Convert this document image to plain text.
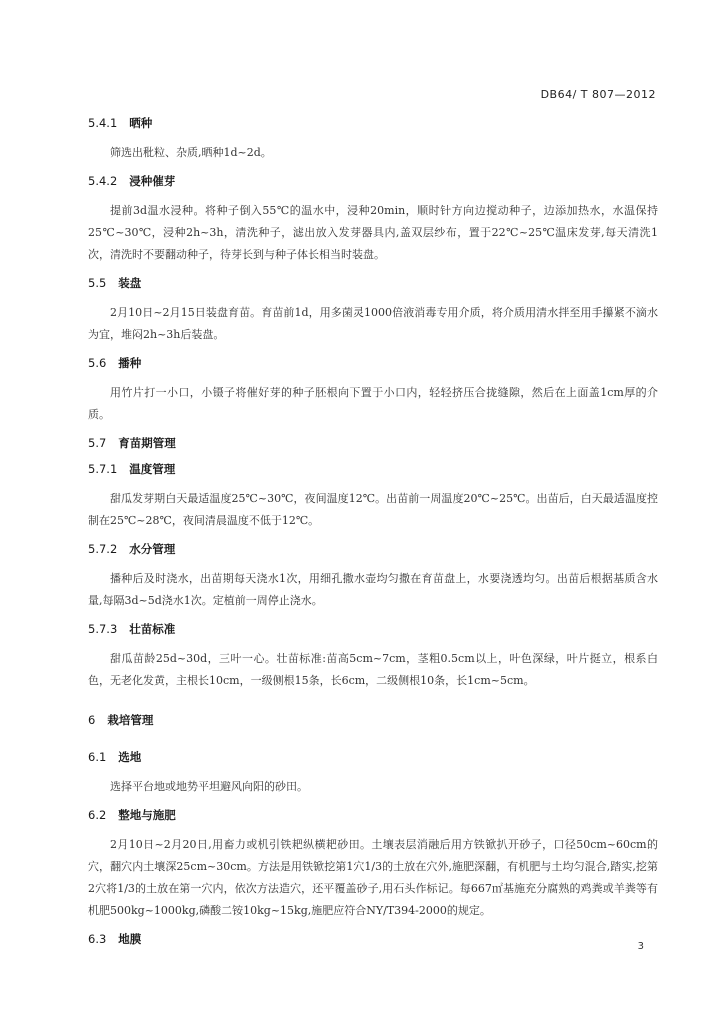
DB64/ T 807—2012

5.4.1 晒种

筛选出秕粒、杂质,晒种1d~2d。

5.4.2 浸种催芽

提前3d温水浸种。将种子倒入55℃的温水中，浸种20min，顺时针方向边搅动种子，边添加热水，水温保持25℃~30℃，浸种2h~3h，清洗种子，滤出放入发芽器具内,盖双层纱布，置于22℃~25℃温床发芽,每天清洗1次，清洗时不要翻动种子，待芽长到与种子体长相当时装盘。

5.5 装盘

2月10日~2月15日装盘育苗。育苗前1d，用多菌灵1000倍液消毒专用介质，将介质用清水拌至用手攥紧不滴水为宜，堆闷2h~3h后装盘。

5.6 播种

用竹片打一小口，小镊子将催好芽的种子胚根向下置于小口内，轻轻挤压合拢缝隙，然后在上面盖1cm厚的介质。

5.7 育苗期管理

5.7.1 温度管理

甜瓜发芽期白天最适温度25℃~30℃，夜间温度12℃。出苗前一周温度20℃~25℃。出苗后，白天最适温度控制在25℃~28℃，夜间清晨温度不低于12℃。

5.7.2 水分管理

播种后及时浇水，出苗期每天浇水1次，用细孔撒水壶均匀撒在育苗盘上，水要浇透均匀。出苗后根据基质含水量,每隔3d~5d浇水1次。定植前一周停止浇水。

5.7.3 壮苗标准

甜瓜苗龄25d~30d，三叶一心。壮苗标准:苗高5cm~7cm，茎粗0.5cm以上，叶色深绿，叶片挺立，根系白色，无老化发黄，主根长10cm，一级侧根15条，长6cm，二级侧根10条，长1cm~5cm。

6 栽培管理

6.1 选地

选择平台地或地势平坦避风向阳的砂田。

6.2 整地与施肥

2月10日~2月20日,用畜力或机引铁耙纵横耙砂田。土壤表层消融后用方铁锨扒开砂子，口径50cm~60cm的穴，翻穴内土壤深25cm~30cm。方法是用铁锨挖第1穴1/3的土放在穴外,施肥深翻，有机肥与土均匀混合,踏实,挖第2穴将1/3的土放在第一穴内，依次方法造穴，还平覆盖砂子,用石头作标记。每667㎡基施充分腐熟的鸡粪或羊粪等有机肥500kg~1000kg,磷酸二铵10kg~15kg,施肥应符合NY/T394-2000的规定。

6.3 地膜

3
